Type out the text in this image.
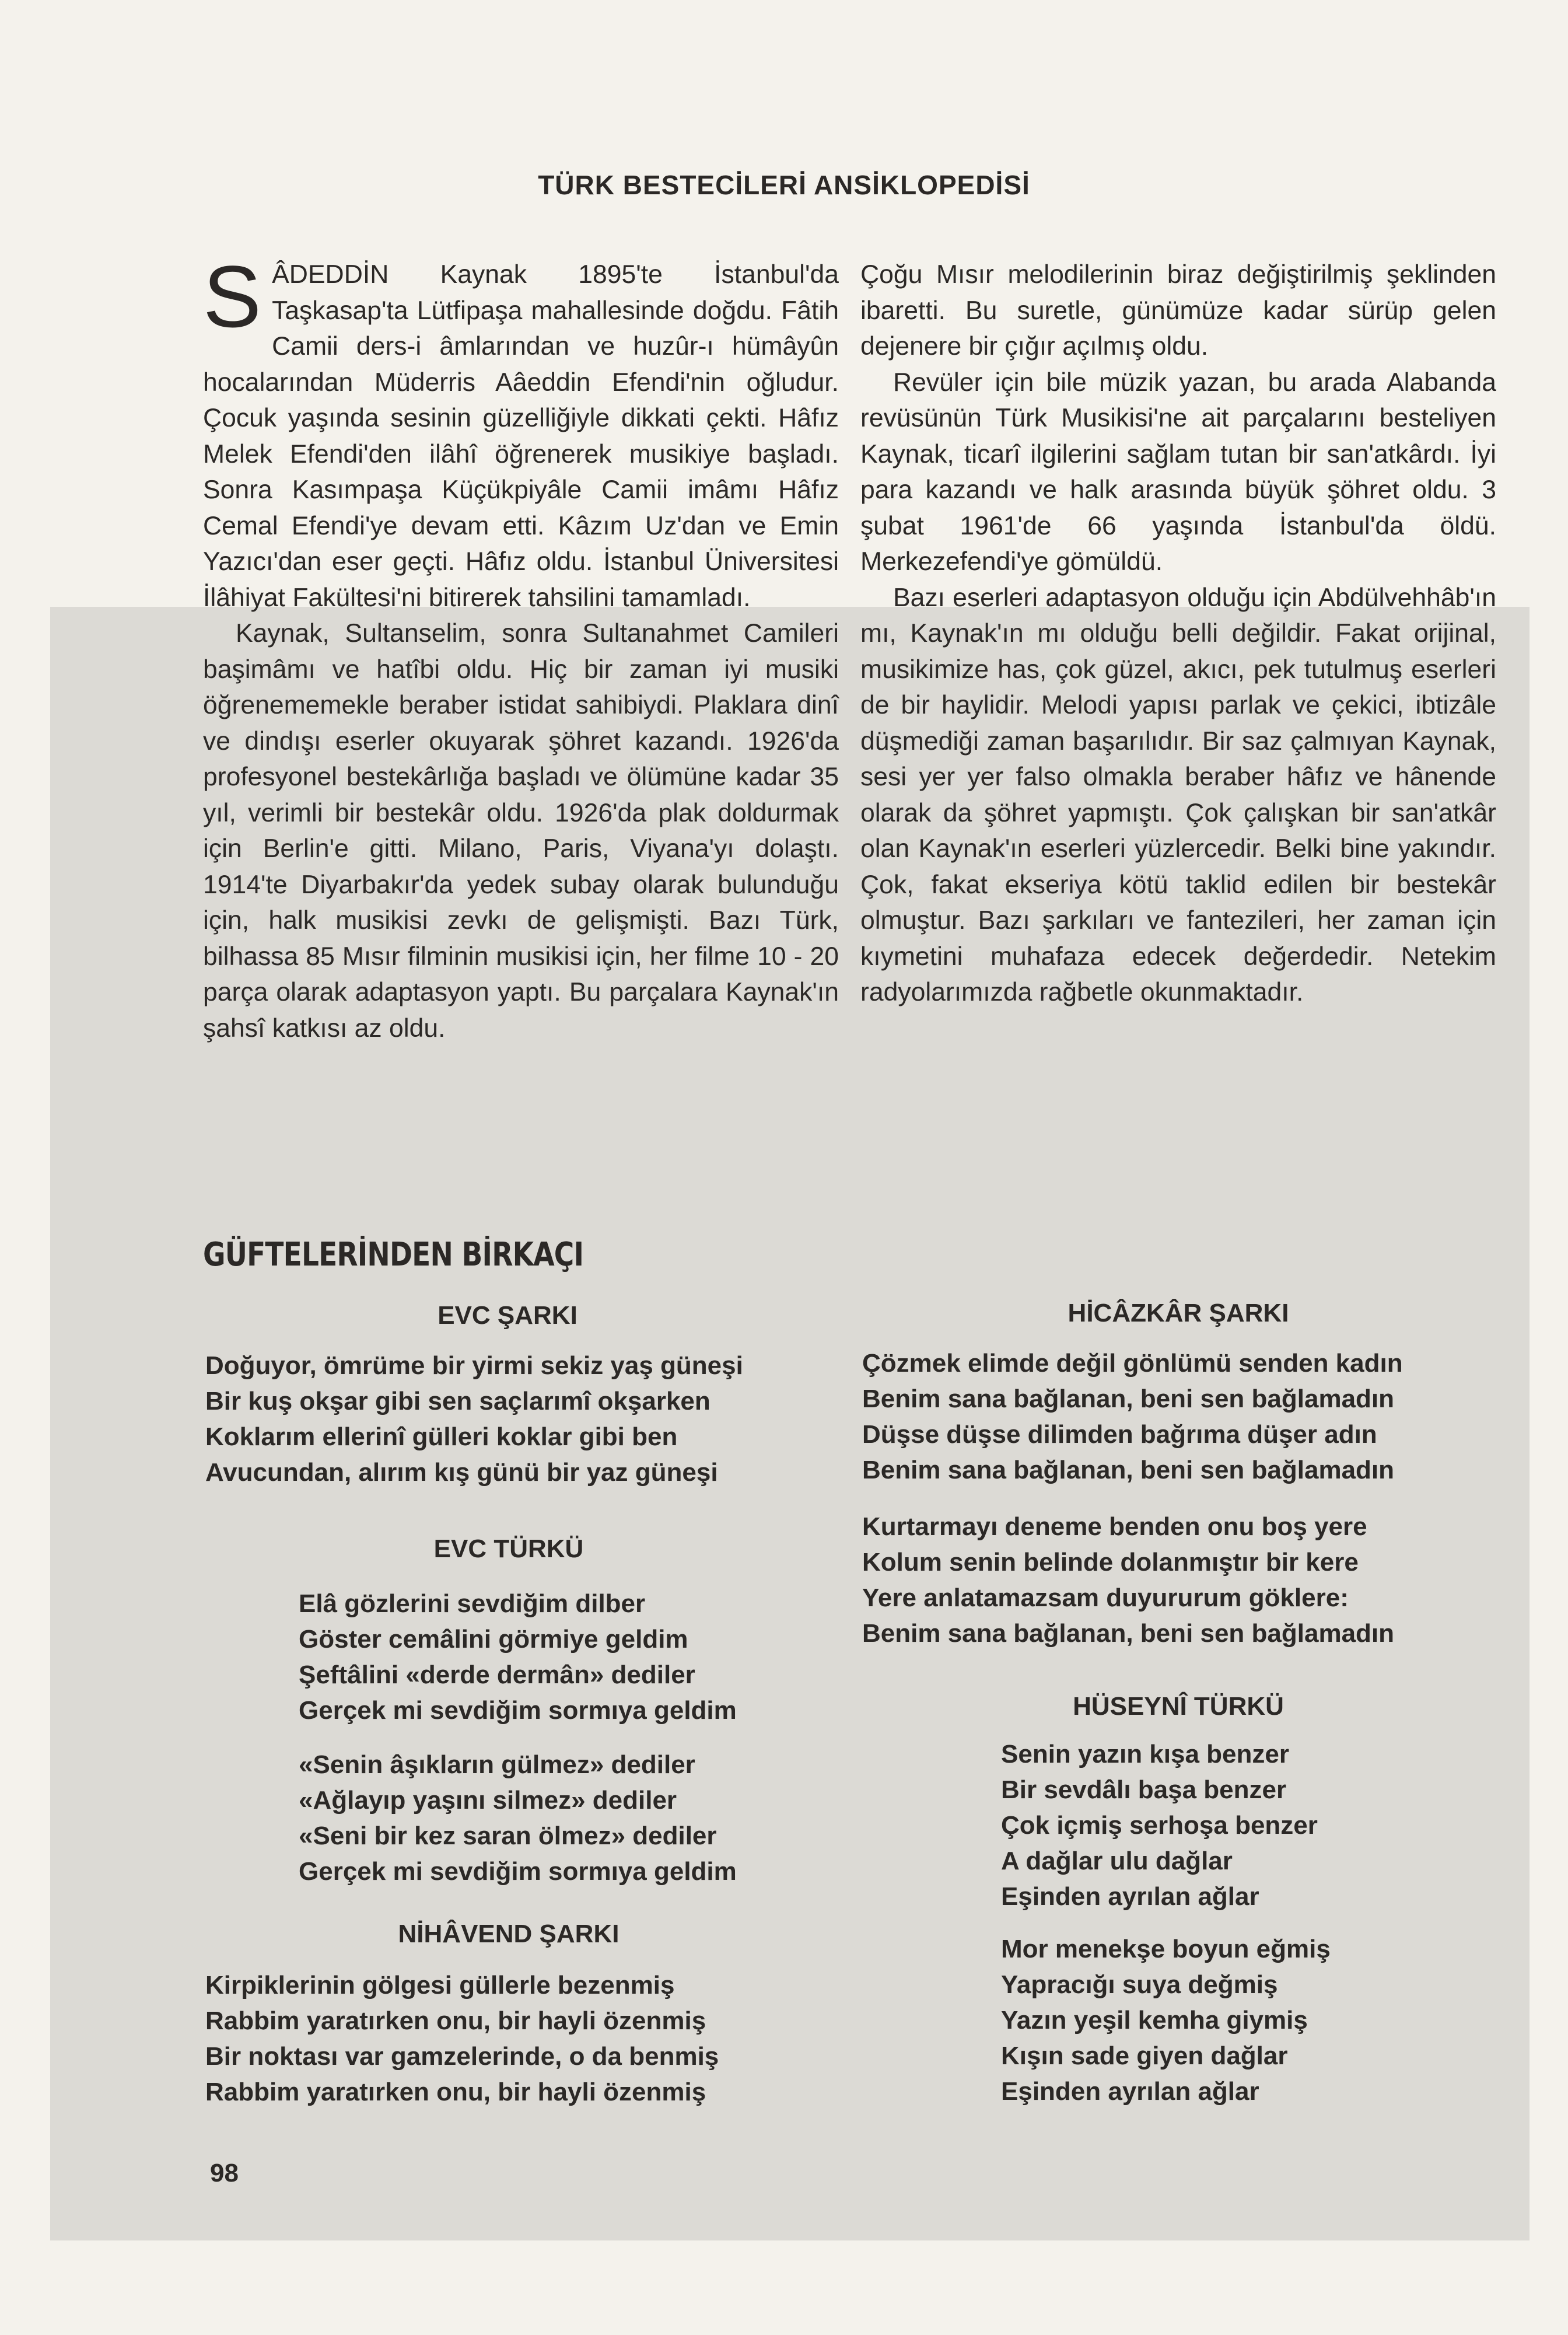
TÜRK BESTECİLERİ ANSİKLOPEDİSİ

SÂDEDDİN Kaynak 1895'te İstanbul'da Taşkasap'ta Lütfipaşa mahallesinde doğdu. Fâtih Camii ders-i âmlarından ve huzûr-ı hümâyûn hocalarından Müderris Aâeddin Efendi'nin oğludur. Çocuk yaşında sesinin güzelliğiyle dikkati çekti. Hâfız Melek Efendi'den ilâhî öğrenerek musikiye başladı. Sonra Kasımpaşa Küçükpiyâle Camii imâmı Hâfız Cemal Efendi'ye devam etti. Kâzım Uz'dan ve Emin Yazıcı'dan eser geçti. Hâfız oldu. İstanbul Üniversitesi İlâhiyat Fakültesi'ni bitirerek tahsilini tamamladı.

Kaynak, Sultanselim, sonra Sultanahmet Camileri başimâmı ve hatîbi oldu. Hiç bir zaman iyi musiki öğrenememekle beraber istidat sahibiydi. Plaklara dinî ve dindışı eserler okuyarak şöhret kazandı. 1926'da profesyonel bestekârlığa başladı ve ölümüne kadar 35 yıl, verimli bir bestekâr oldu. 1926'da plak doldurmak için Berlin'e gitti. Milano, Paris, Viyana'yı dolaştı. 1914'te Diyarbakır'da yedek subay olarak bulunduğu için, halk musikisi zevkı de gelişmişti. Bazı Türk, bilhassa 85 Mısır filminin musikisi için, her filme 10 - 20 parça olarak adaptasyon yaptı. Bu parçalara Kaynak'ın şahsî katkısı az oldu.

Çoğu Mısır melodilerinin biraz değiştirilmiş şeklinden ibaretti. Bu suretle, günümüze kadar sürüp gelen dejenere bir çığır açılmış oldu.

Revüler için bile müzik yazan, bu arada Alabanda revüsünün Türk Musikisi'ne ait parçalarını besteliyen Kaynak, ticarî ilgilerini sağlam tutan bir san'atkârdı. İyi para kazandı ve halk arasında büyük şöhret oldu. 3 şubat 1961'de 66 yaşında İstanbul'da öldü. Merkezefendi'ye gömüldü.

Bazı eserleri adaptasyon olduğu için Abdülvehhâb'ın mı, Kaynak'ın mı olduğu belli değildir. Fakat orijinal, musikimize has, çok güzel, akıcı, pek tutulmuş eserleri de bir haylidir. Melodi yapısı parlak ve çekici, ibtizâle düşmediği zaman başarılıdır. Bir saz çalmıyan Kaynak, sesi yer yer falso olmakla beraber hâfız ve hânende olarak da şöhret yapmıştı. Çok çalışkan bir san'atkâr olan Kaynak'ın eserleri yüzlercedir. Belki bine yakındır. Çok, fakat ekseriya kötü taklid edilen bir bestekâr olmuştur. Bazı şarkıları ve fantezileri, her zaman için kıymetini muhafaza edecek değerdedir. Netekim radyolarımızda rağbetle okunmaktadır.

GÜFTELERİNDEN BİRKAÇI
EVC ŞARKI
Doğuyor, ömrüme bir yirmi sekiz yaş güneşi
Bir kuş okşar gibi sen saçlarımî okşarken
Koklarım ellerinî gülleri koklar gibi ben
Avucundan, alırım kış günü bir yaz güneşi
EVC TÜRKÜ
Elâ gözlerini sevdiğim dilber
Göster cemâlini görmiye geldim
Şeftâlini «derde dermân» dediler
Gerçek mi sevdiğim sormıya geldim
«Senin âşıkların gülmez» dediler
«Ağlayıp yaşını silmez» dediler
«Seni bir kez saran ölmez» dediler
Gerçek mi sevdiğim sormıya geldim
NİHÂVEND ŞARKI
Kirpiklerinin gölgesi güllerle bezenmiş
Rabbim yaratırken onu, bir hayli özenmiş
Bir noktası var gamzelerinde, o da benmiş
Rabbim yaratırken onu, bir hayli özenmiş
HİCÂZKÂR ŞARKI
Çözmek elimde değil gönlümü senden kadın
Benim sana bağlanan, beni sen bağlamadın
Düşse düşse dilimden bağrıma düşer adın
Benim sana bağlanan, beni sen bağlamadın
Kurtarmayı deneme benden onu boş yere
Kolum senin belinde dolanmıştır bir kere
Yere anlatamazsam duyururum göklere:
Benim sana bağlanan, beni sen bağlamadın
HÜSEYNÎ TÜRKÜ
Senin yazın kışa benzer
Bir sevdâlı başa benzer
Çok içmiş serhoşa benzer
A dağlar ulu dağlar
Eşinden ayrılan ağlar
Mor menekşe boyun eğmiş
Yapracığı suya değmiş
Yazın yeşil kemha giymiş
Kışın sade giyen dağlar
Eşinden ayrılan ağlar
98
